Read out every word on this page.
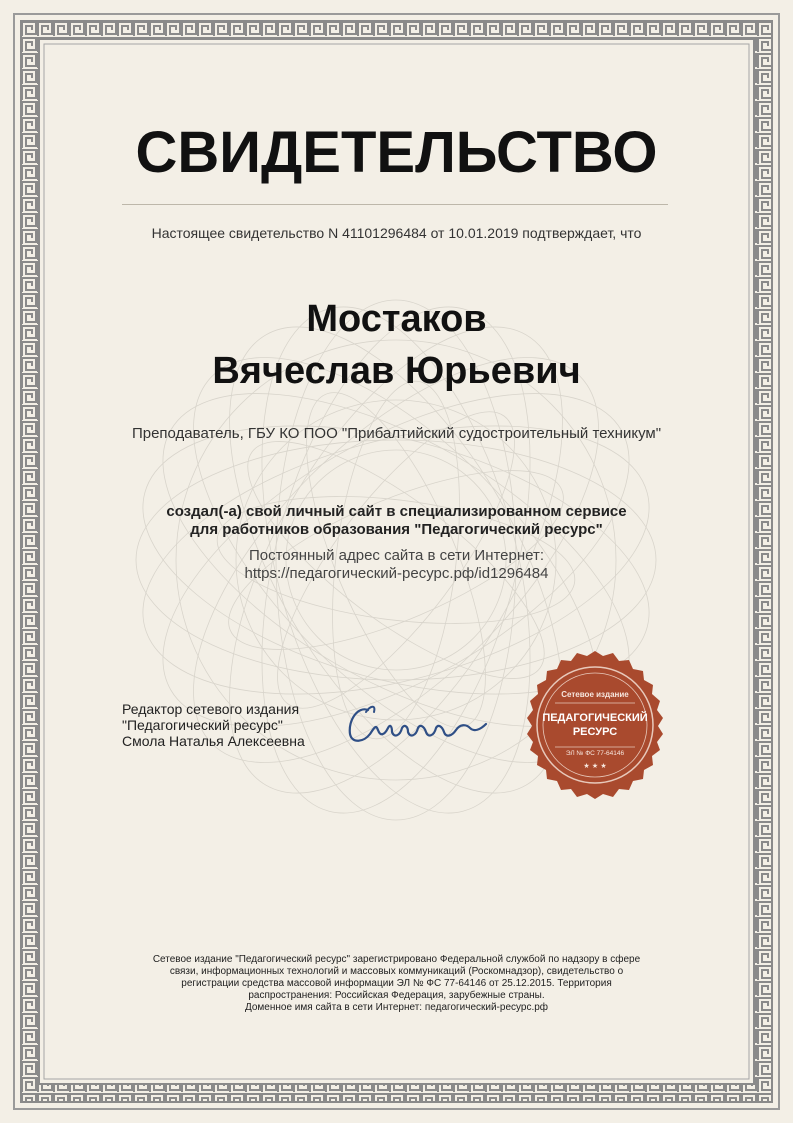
СВИДЕТЕЛЬСТВО
Настоящее свидетельство N 41101296484 от 10.01.2019 подтверждает, что
Мостаков
Вячеслав Юрьевич
Преподаватель, ГБУ КО ПОО "Прибалтийский судостроительный техникум"
создал(-а) свой личный сайт в специализированном сервисе
для работников образования "Педагогический ресурс"
Постоянный адрес сайта в сети Интернет:
https://педагогический-ресурс.рф/id1296484
Редактор сетевого издания
"Педагогический ресурс"
Смола Наталья Алексеевна
Сетевое издание
ПЕДАГОГИЧЕСКИЙ
РЕСУРС
ЭЛ № ФС 77-64146
★ ★ ★
Сетевое издание "Педагогический ресурс" зарегистрировано Федеральной службой по надзору в сфере
связи, информационных технологий и массовых коммуникаций (Роскомнадзор), свидетельство о
регистрации средства массовой информации ЭЛ № ФС 77-64146 от 25.12.2015. Территория
распространения: Российская Федерация, зарубежные страны.
Доменное имя сайта в сети Интернет: педагогический-ресурс.рф
